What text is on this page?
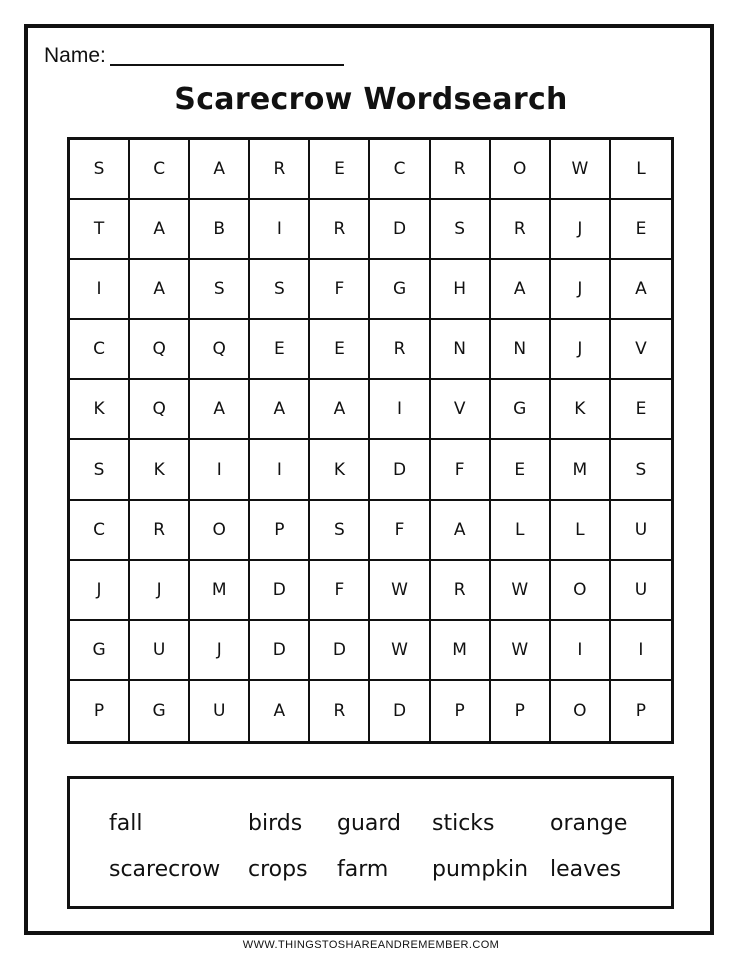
Name:
Scarecrow Wordsearch
S	C	A	R	E	C	R	O	W	L
T	A	B	I	R	D	S	R	J	E
I	A	S	S	F	G	H	A	J	A
C	Q	Q	E	E	R	N	N	J	V
K	Q	A	A	A	I	V	G	K	E
S	K	I	I	K	D	F	E	M	S
C	R	O	P	S	F	A	L	L	U
J	J	M	D	F	W	R	W	O	U
G	U	J	D	D	W	M	W	I	I
P	G	U	A	R	D	P	P	O	P
fall	birds guard sticks	orange
scarecrow crops farm pumpkin leaves
WWW.THINGSTOSHAREANDREMEMBER.COM
